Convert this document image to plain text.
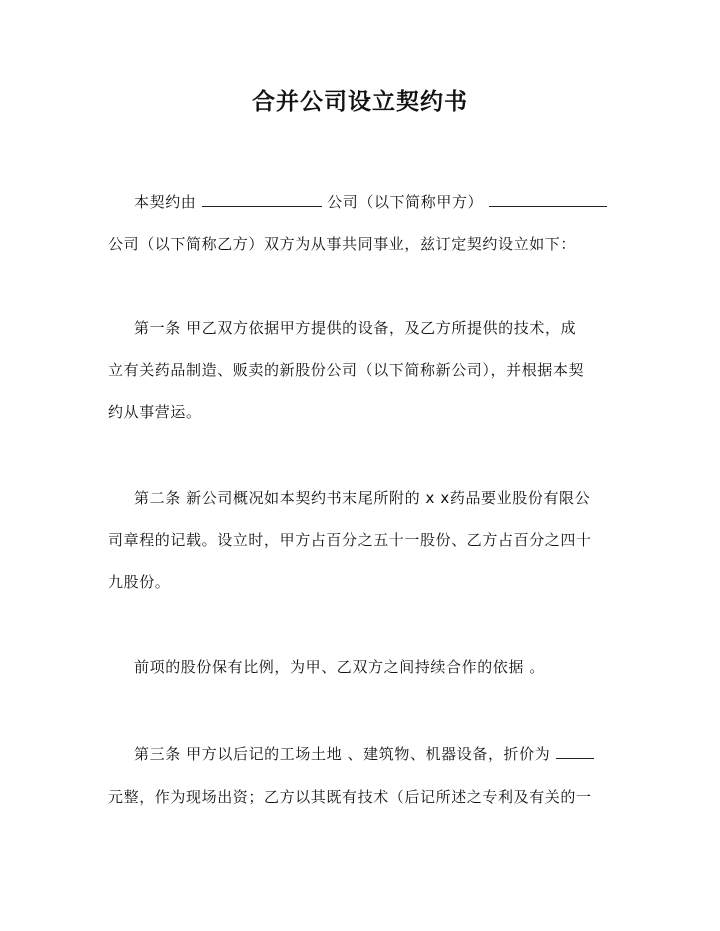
合并公司设立契约书
本契约由	公司（以下简称甲方）
公司（以下简称乙方）双方为从事共同事业，兹订定契约设立如下：
第一条 甲乙双方依据甲方提供的设备，及乙方所提供的技术，成
立有关药品制造、贩卖的新股份公司（以下简称新公司），并根据本契
约从事营运。
第二条 新公司概况如本契约书末尾所附的 x x药品要业股份有限公
司章程的记载。设立时，甲方占百分之五十一股份、乙方占百分之四十
九股份。
前项的股份保有比例，为甲、乙双方之间持续合作的依据 。
第三条 甲方以后记的工场土地 、建筑物、机器设备，折价为
元整，作为现场出资；乙方以其既有技术（后记所述之专利及有关的一
